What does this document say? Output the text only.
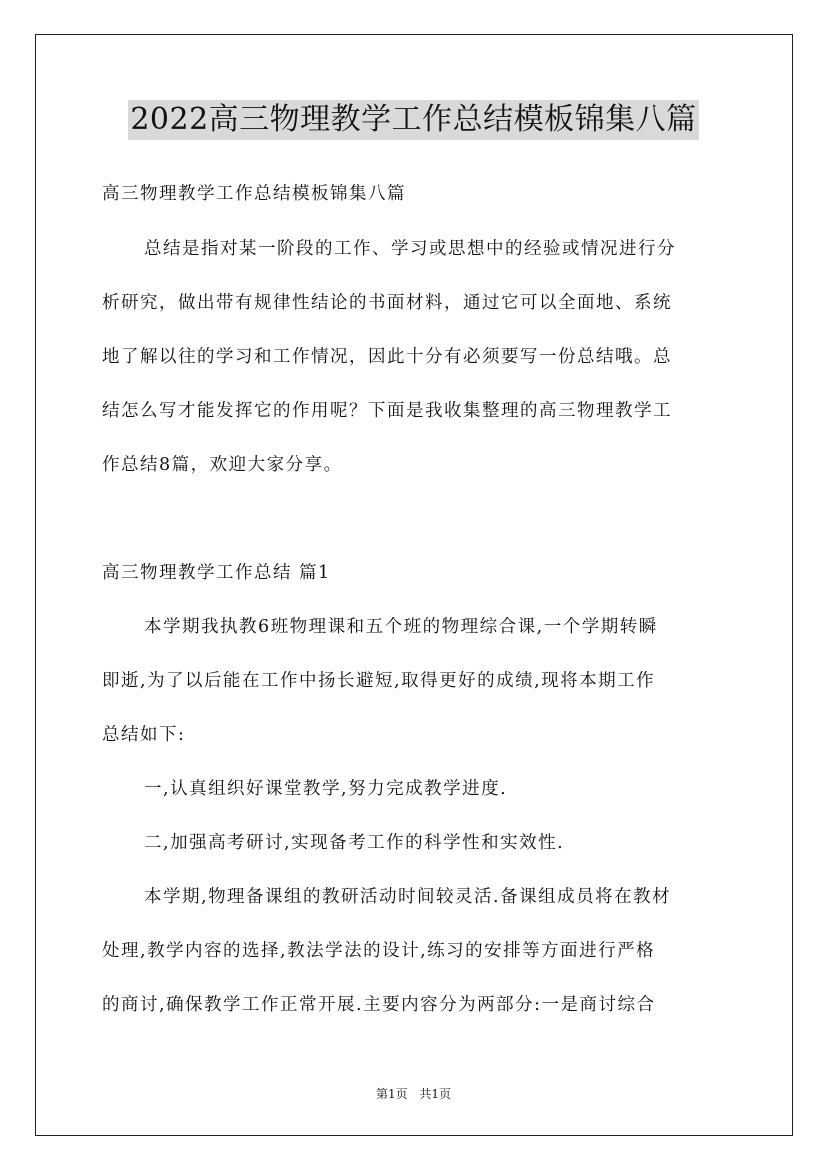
2022高三物理教学工作总结模板锦集八篇
高三物理教学工作总结模板锦集八篇
总结是指对某一阶段的工作、学习或思想中的经验或情况进行分
析研究，做出带有规律性结论的书面材料，通过它可以全面地、系统
地了解以往的学习和工作情况，因此十分有必须要写一份总结哦。总
结怎么写才能发挥它的作用呢？下面是我收集整理的高三物理教学工
作总结8篇，欢迎大家分享。
高三物理教学工作总结 篇1
本学期我执教6班物理课和五个班的物理综合课,一个学期转瞬
即逝,为了以后能在工作中扬长避短,取得更好的成绩,现将本期工作
总结如下:
一,认真组织好课堂教学,努力完成教学进度.
二,加强高考研讨,实现备考工作的科学性和实效性.
本学期,物理备课组的教研活动时间较灵活.备课组成员将在教材
处理,教学内容的选择,教法学法的设计,练习的安排等方面进行严格
的商讨,确保教学工作正常开展.主要内容分为两部分:一是商讨综合
第1页 共1页
